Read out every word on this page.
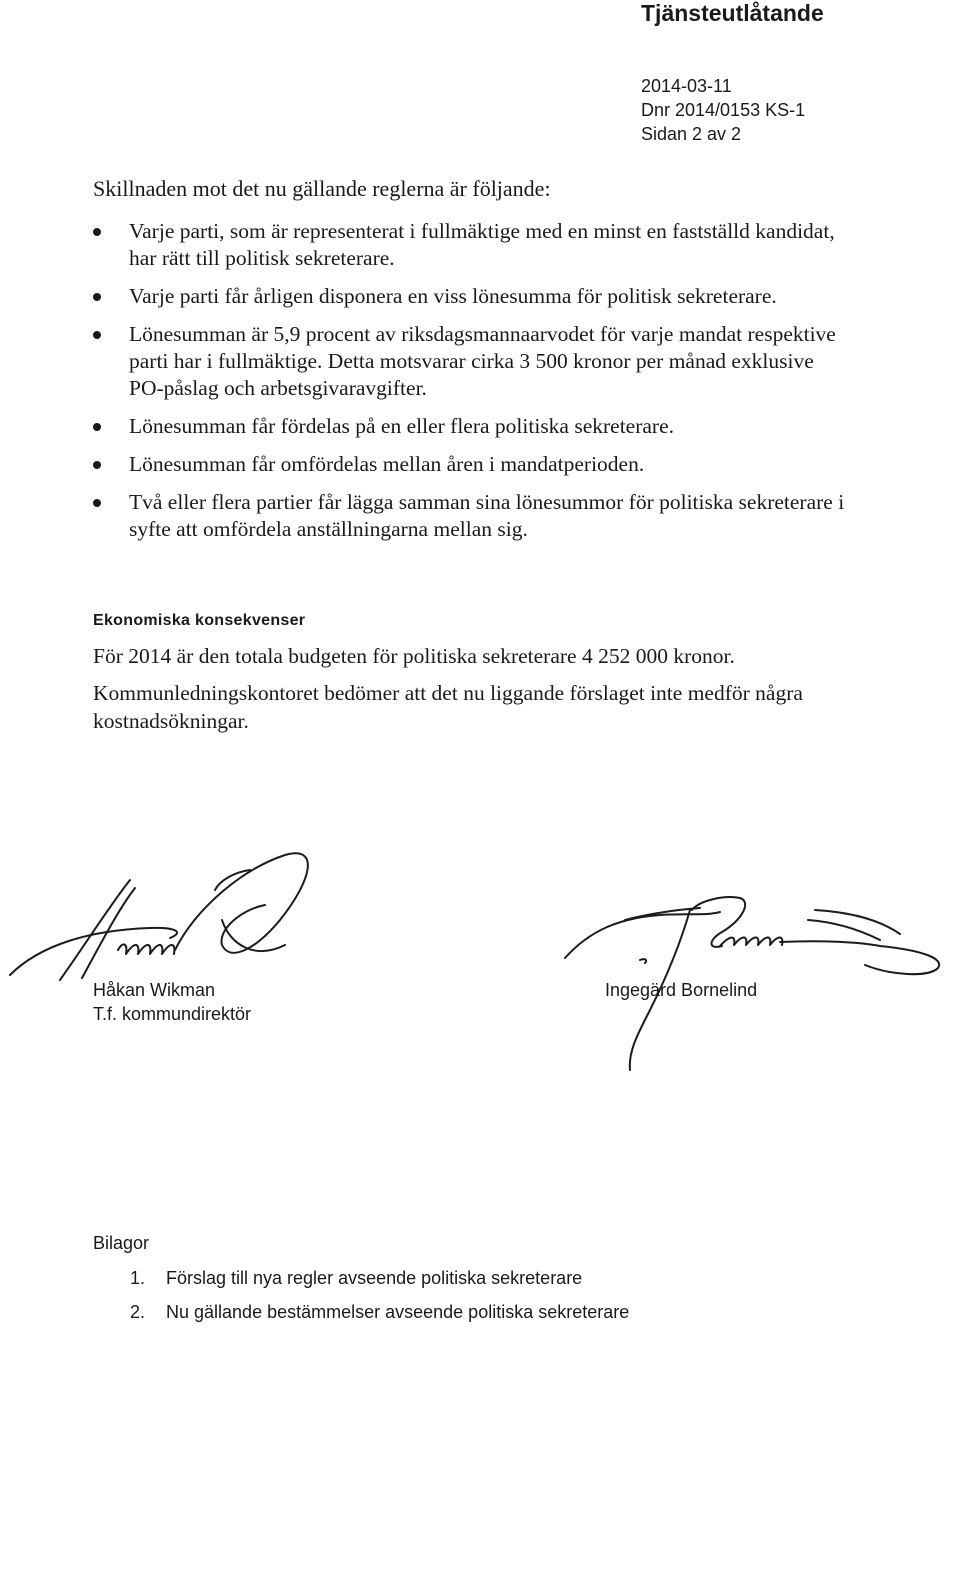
Tjänsteutlåtande
2014-03-11
Dnr 2014/0153 KS-1
Sidan 2 av 2
Skillnaden mot det nu gällande reglerna är följande:
Varje parti, som är representerat i fullmäktige med en minst en fastställd kandidat, har rätt till politisk sekreterare.
Varje parti får årligen disponera en viss lönesumma för politisk sekreterare.
Lönesumman är 5,9 procent av riksdagsmannaarvodet för varje mandat respektive parti har i fullmäktige. Detta motsvarar cirka 3 500 kronor per månad exklusive PO-påslag och arbetsgivaravgifter.
Lönesumman får fördelas på en eller flera politiska sekreterare.
Lönesumman får omfördelas mellan åren i mandatperioden.
Två eller flera partier får lägga samman sina lönesummor för politiska sekreterare i syfte att omfördela anställningarna mellan sig.
Ekonomiska konsekvenser
För 2014 är den totala budgeten för politiska sekreterare 4 252 000 kronor.
Kommunledningskontoret bedömer att det nu liggande förslaget inte medför några kostnadsökningar.
Håkan Wikman
T.f. kommundirektör
Ingegärd Bornelind
Bilagor
1. Förslag till nya regler avseende politiska sekreterare
2. Nu gällande bestämmelser avseende politiska sekreterare
